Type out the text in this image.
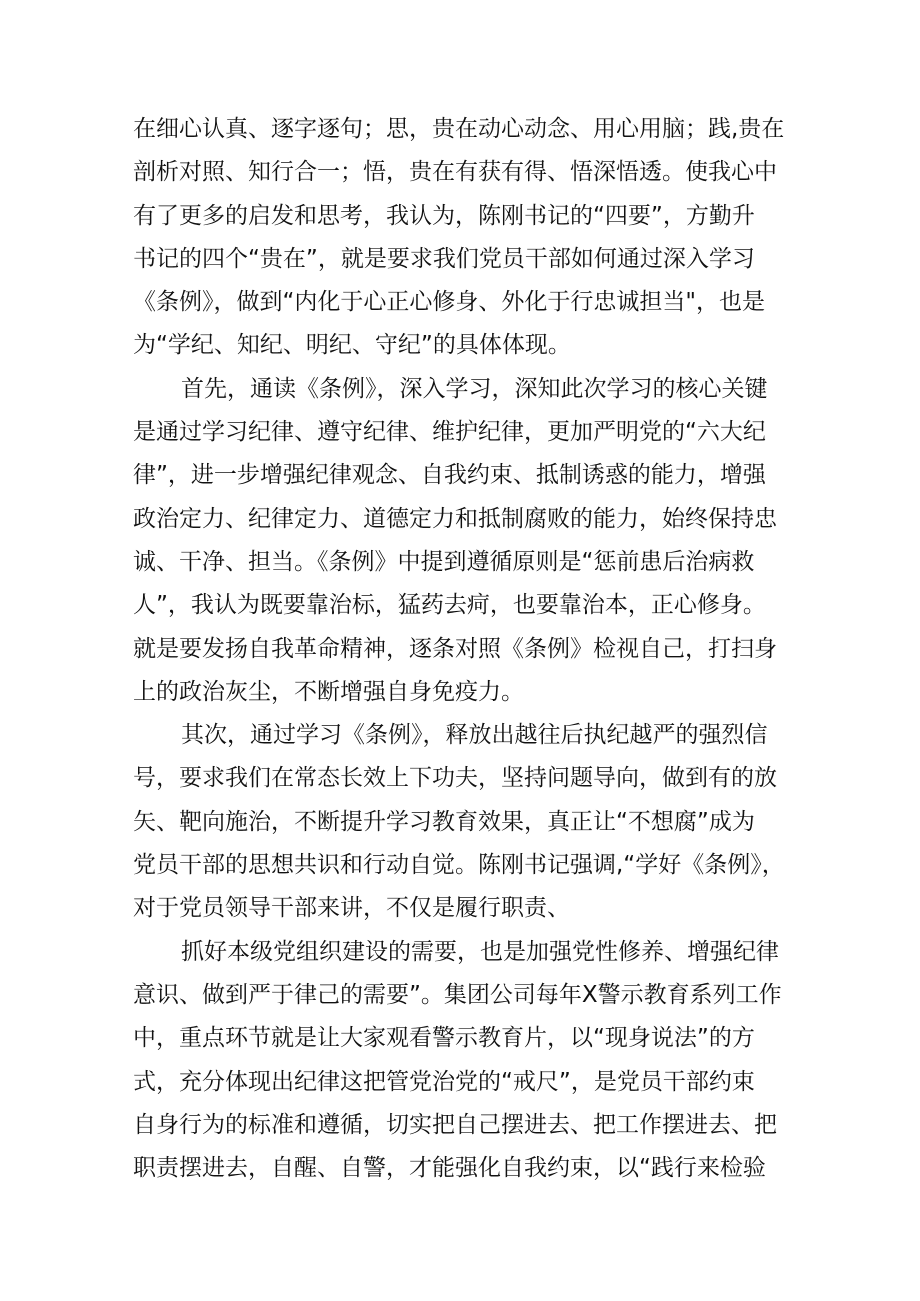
在细心认真、逐字逐句；思，贵在动心动念、用心用脑；践,贵在
剖析对照、知行合一；悟，贵在有获有得、悟深悟透。使我心中
有了更多的启发和思考，我认为，陈刚书记的“四要”，方勤升
书记的四个“贵在”，就是要求我们党员干部如何通过深入学习
《条例》，做到“内化于心正心修身、外化于行忠诚担当"，也是
为“学纪、知纪、明纪、守纪”的具体体现。
首先，通读《条例》，深入学习，深知此次学习的核心关键
是通过学习纪律、遵守纪律、维护纪律，更加严明党的“六大纪
律”，进一步增强纪律观念、自我约束、抵制诱惑的能力，增强
政治定力、纪律定力、道德定力和抵制腐败的能力，始终保持忠
诚、干净、担当。《条例》中提到遵循原则是“惩前患后治病救
人”，我认为既要靠治标，猛药去疴，也要靠治本，正心修身。
就是要发扬自我革命精神，逐条对照《条例》检视自己，打扫身
上的政治灰尘，不断增强自身免疫力。
其次，通过学习《条例》，释放出越往后执纪越严的强烈信
号，要求我们在常态长效上下功夫，坚持问题导向，做到有的放
矢、靶向施治，不断提升学习教育效果，真正让“不想腐”成为
党员干部的思想共识和行动自觉。陈刚书记强调,“学好《条例》，
对于党员领导干部来讲，不仅是履行职责、
抓好本级党组织建设的需要，也是加强党性修养、增强纪律
意识、做到严于律己的需要”。集团公司每年X警示教育系列工作
中，重点环节就是让大家观看警示教育片，以“现身说法”的方
式，充分体现出纪律这把管党治党的“戒尺”，是党员干部约束
自身行为的标准和遵循，切实把自己摆进去、把工作摆进去、把
职责摆进去，自醒、自警，才能强化自我约束，以“践行来检验
